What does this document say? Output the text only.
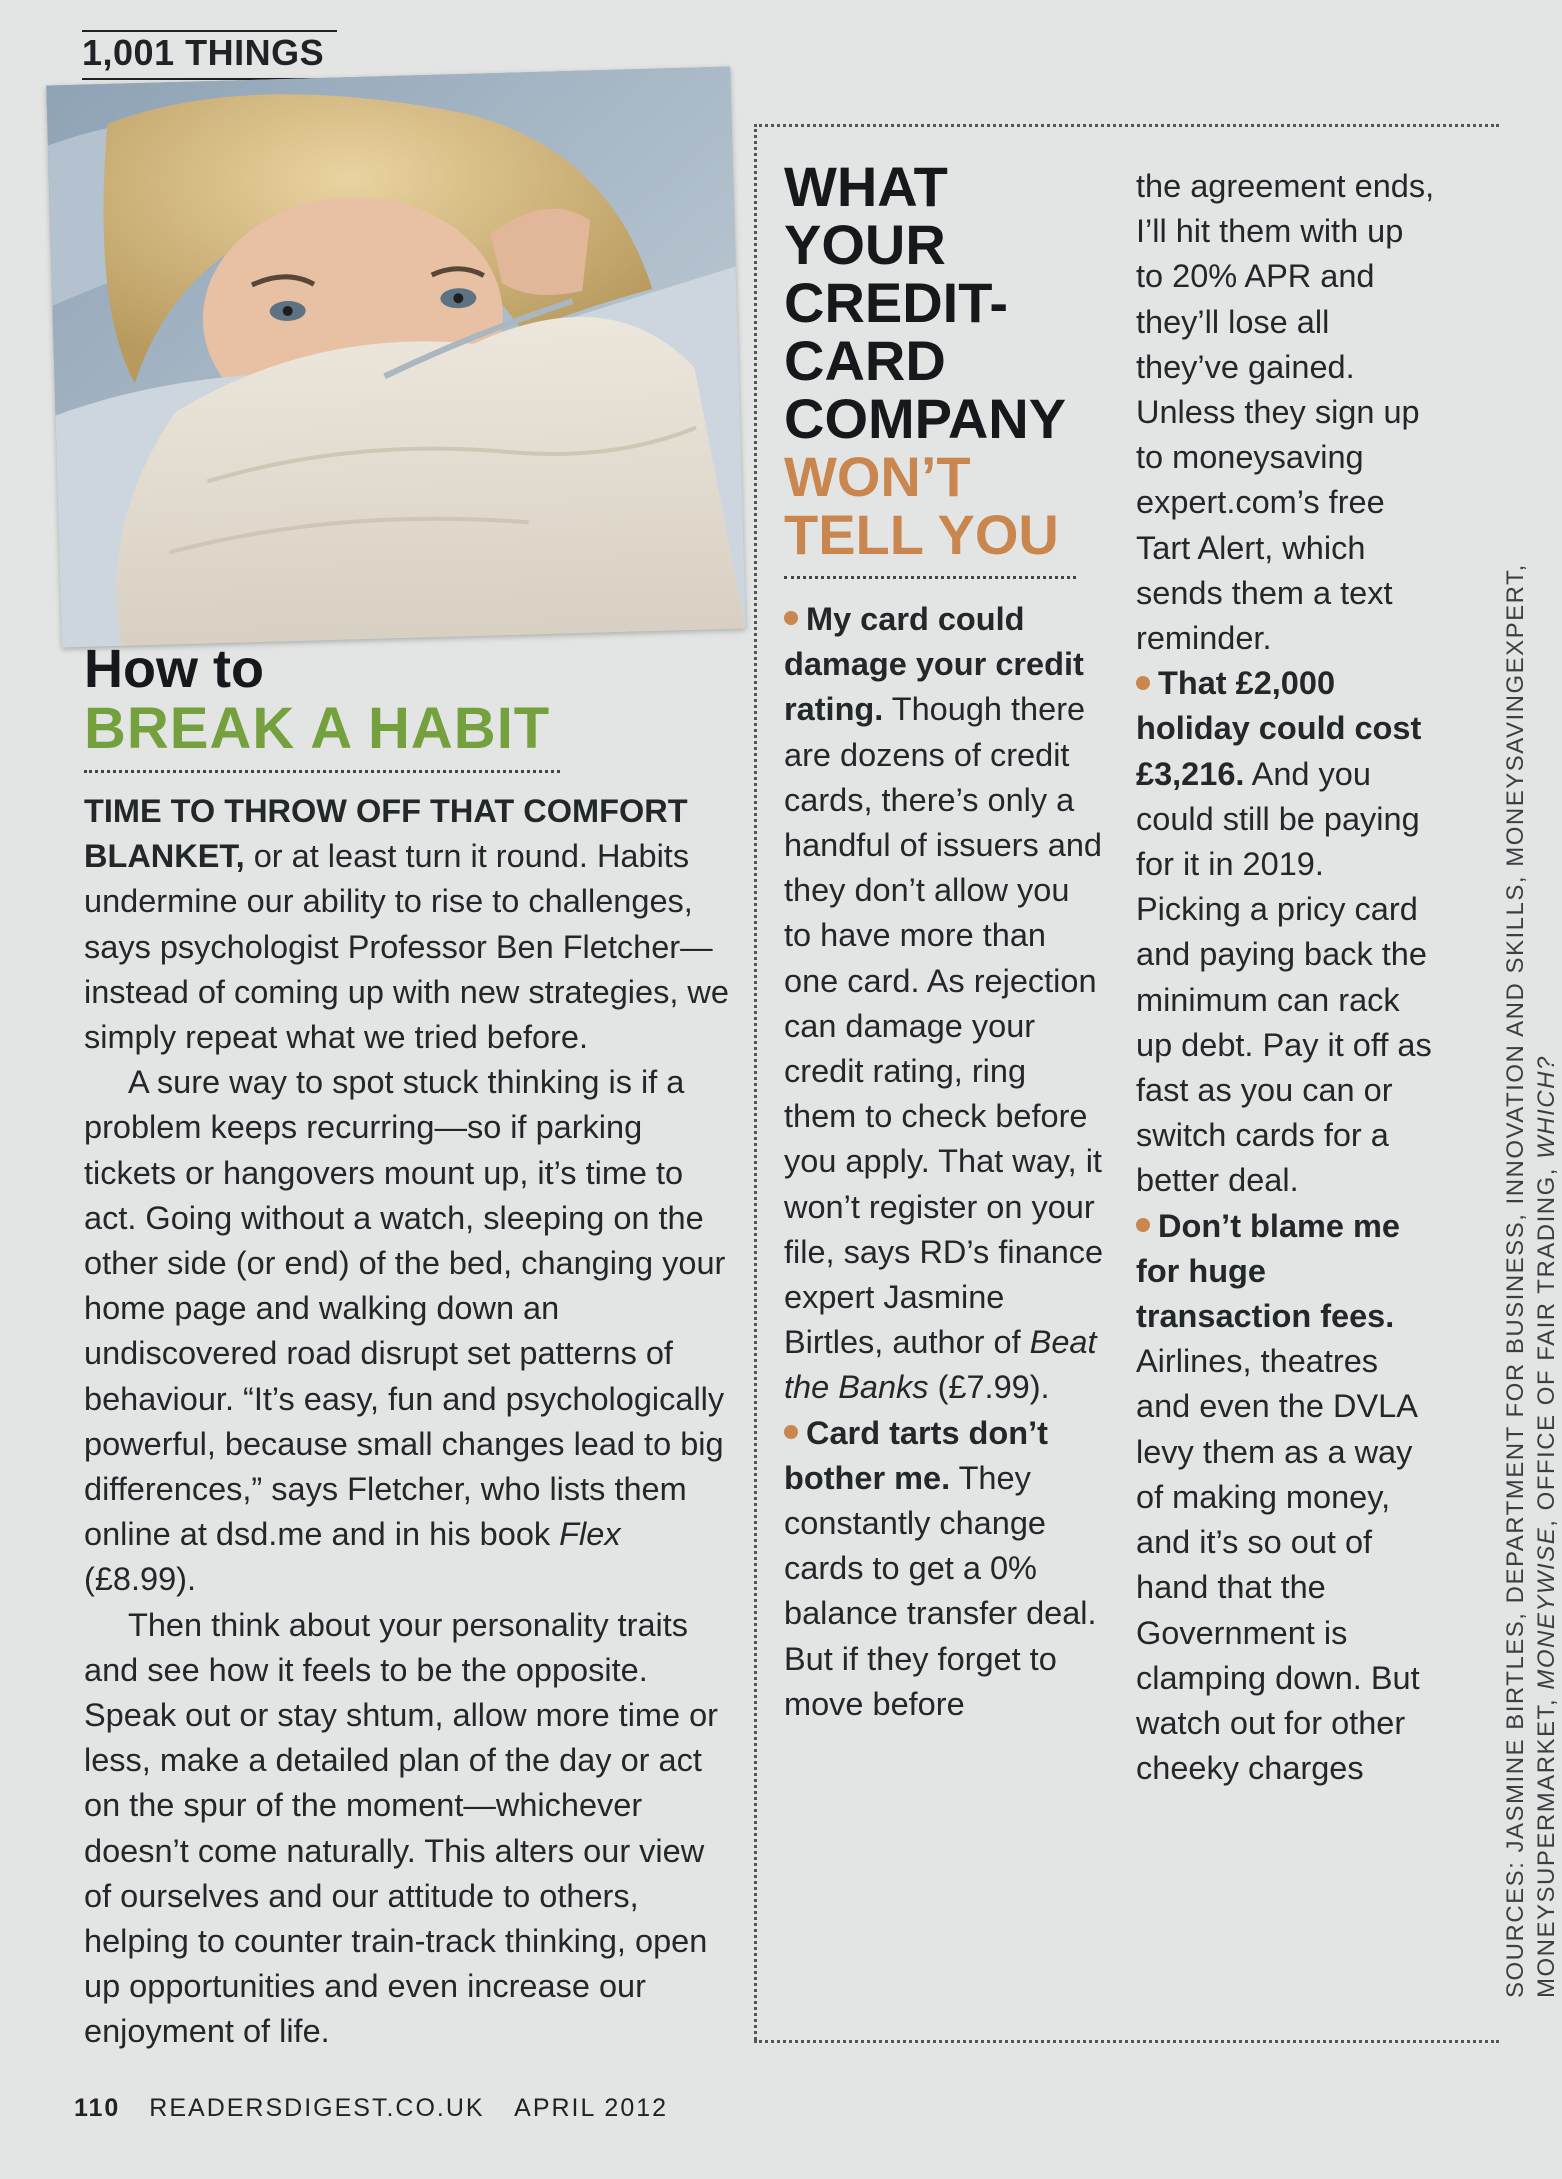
1,001 THINGS
How to
BREAK A HABIT

TIME TO THROW OFF THAT COMFORT BLANKET, or at least turn it round. Habits undermine our ability to rise to challenges, says psychologist Professor Ben Fletcher—instead of coming up with new strategies, we simply repeat what we tried before.

A sure way to spot stuck thinking is if a problem keeps recurring—so if parking tickets or hangovers mount up, it’s time to act. Going without a watch, sleeping on the other side (or end) of the bed, changing your home page and walking down an undiscovered road disrupt set patterns of behaviour. “It’s easy, fun and psychologically powerful, because small changes lead to big differences,” says Fletcher, who lists them online at dsd.me and in his book Flex (£8.99).

Then think about your personality traits and see how it feels to be the opposite. Speak out or stay shtum, allow more time or less, make a detailed plan of the day or act on the spur of the moment—whichever doesn’t come naturally. This alters our view of ourselves and our attitude to others, helping to counter train-track thinking, open up opportunities and even increase our enjoyment of life.

WHAT
YOUR
CREDIT-
CARD
COMPANY
WON’T
TELL YOU
My card could damage your credit rating. Though there are dozens of credit cards, there’s only a handful of issuers and they don’t allow you to have more than one card. As rejection can damage your credit rating, ring them to check before you apply. That way, it won’t register on your file, says RD’s finance expert Jasmine Birtles, author of Beat the Banks (£7.99).
Card tarts don’t bother me. They constantly change cards to get a 0% balance transfer deal. But if they forget to move before
the agreement ends, I’ll hit them with up to 20% APR and they’ll lose all they’ve gained. Unless they sign up to moneysaving expert.com’s free Tart Alert, which sends them a text reminder.
That £2,000 holiday could cost £3,216. And you could still be paying for it in 2019. Picking a pricy card and paying back the minimum can rack up debt. Pay it off as fast as you can or switch cards for a better deal.
Don’t blame me for huge transaction fees. Airlines, theatres and even the DVLA levy them as a way of making money, and it’s so out of hand that the Government is clamping down. But watch out for other cheeky charges	SOURCES: JASMINE BIRTLES, DEPARTMENT FOR BUSINESS, INNOVATION AND SKILLS, MONEYSAVINGEXPERT, MONEYSUPERMARKET, MONEYWISE, OFFICE OF FAIR TRADING, WHICH?
110 READERSDIGEST.CO.UK APRIL 2012
